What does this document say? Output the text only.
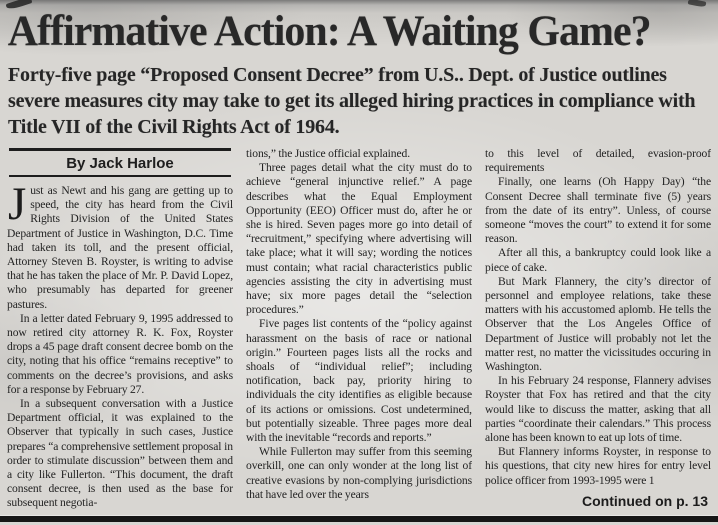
Affirmative Action: A Waiting Game?
Forty-five page “Proposed Consent Decree” from U.S.. Dept. of Justice outlines severe measures city may take to get its alleged hiring practices in compliance with Title VII of the Civil Rights Act of 1964.
By Jack Harloe

Just as Newt and his gang are getting up to speed, the city has heard from the Civil Rights Division of the United States Department of Justice in Washington, D.C. Time had taken its toll, and the present official, Attorney Steven B. Royster, is writing to advise that he has taken the place of Mr. P. David Lopez, who presumably has departed for greener pastures.

In a letter dated February 9, 1995 addressed to now retired city attorney R. K. Fox, Royster drops a 45 page draft consent decree bomb on the city, noting that his office “remains receptive” to comments on the decree’s provisions, and asks for a response by February 27.

In a subsequent conversation with a Justice Department official, it was explained to the Observer that typically in such cases, Justice prepares “a comprehensive settlement proposal in order to stimulate discussion” between them and a city like Fullerton. “This document, the draft consent decree, is then used as the base for subsequent negotia-

tions,” the Justice official explained.

Three pages detail what the city must do to achieve “general injunctive relief.” A page describes what the Equal Employment Opportunity (EEO) Officer must do, after he or she is hired. Seven pages more go into detail of “recruitment,” specifying where advertising will take place; what it will say; wording the notices must contain; what racial characteristics public agencies assisting the city in advertising must have; six more pages detail the “selection procedures.”

Five pages list contents of the “policy against harassment on the basis of race or national origin.” Fourteen pages lists all the rocks and shoals of “individual relief”; including notification, back pay, priority hiring to individuals the city identifies as eligible because of its actions or omissions. Cost undetermined, but potentially sizeable. Three pages more deal with the inevitable “records and reports.”

While Fullerton may suffer from this seeming overkill, one can only wonder at the long list of creative evasions by non-complying jurisdictions that have led over the years

to this level of detailed, evasion-proof requirements

Finally, one learns (Oh Happy Day) “the Consent Decree shall terminate five (5) years from the date of its entry”. Unless, of course someone “moves the court” to extend it for some reason.

After all this, a bankruptcy could look like a piece of cake.

But Mark Flannery, the city’s director of personnel and employee relations, take these matters with his accustomed aplomb. He tells the Observer that the Los Angeles Office of Department of Justice will probably not let the matter rest, no matter the vicissitudes occuring in Washington.

In his February 24 response, Flannery advises Royster that Fox has retired and that the city would like to discuss the matter, asking that all parties “coordinate their calendars.” This process alone has been known to eat up lots of time.

But Flannery informs Royster, in response to his questions, that city new hires for entry level police officer from 1993-1995 were 1

Continued on p. 13
